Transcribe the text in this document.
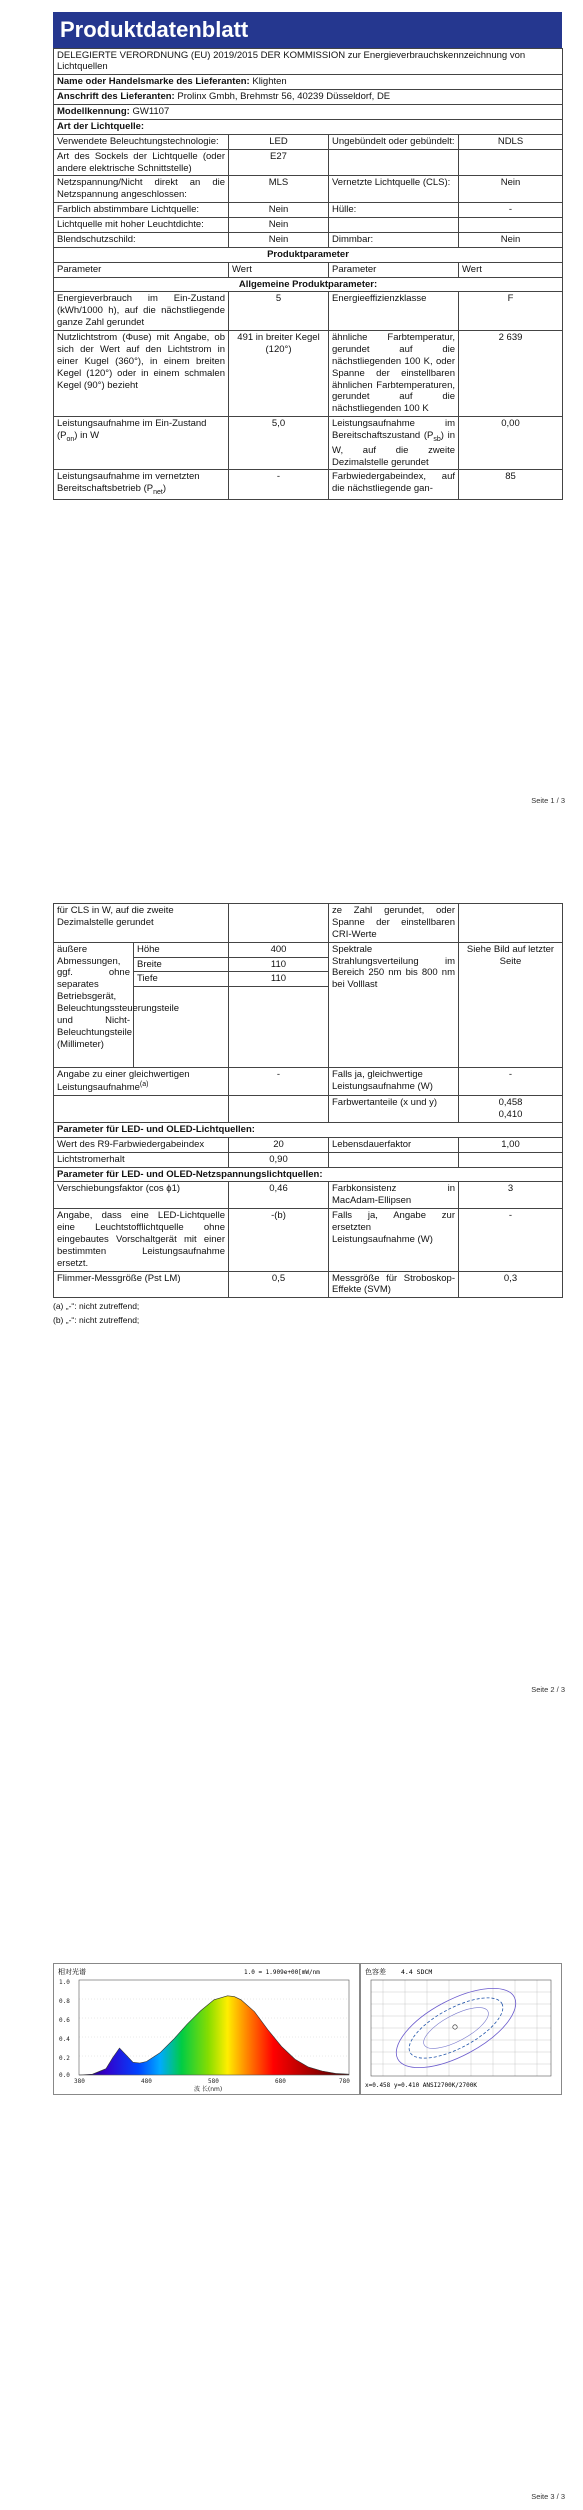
Produktdatenblatt
DELEGIERTE VERORDNUNG (EU) 2019/2015 DER KOMMISSION zur Energieverbrauchskennzeichnung von Lichtquellen			
Name oder Handelsmarke des Lieferanten: Klighten			
Anschrift des Lieferanten: Prolinx Gmbh, Brehmstr 56, 40239 Düsseldorf, DE			
Modellkennung: GW1107			
Art der Lichtquelle:			
Verwendete Beleuchtungstechnologie:	LED	Ungebündelt oder gebündelt:	NDLS
Art des Sockels der Lichtquelle (oder andere elektrische Schnittstelle)	E27		
Netzspannung/Nicht direkt an die Netzspannung angeschlossen:	MLS	Vernetzte Lichtquelle (CLS):	Nein
Farblich abstimmbare Lichtquelle:	Nein	Hülle:	-
Lichtquelle mit hoher Leuchtdichte:	Nein		
Blendschutzschild:	Nein	Dimmbar:	Nein
Produktparameter			
Parameter	Wert	Parameter	Wert
Allgemeine Produktparameter:			
Energieverbrauch im Ein-Zustand (kWh/1000 h), auf die nächstliegende ganze Zahl gerundet	5	Energieeffizienzklasse	F
Nutzlichtstrom (Φuse) mit Angabe, ob sich der Wert auf den Lichtstrom in einer Kugel (360°), in einem breiten Kegel (120°) oder in einem schmalen Kegel (90°) bezieht	491 in breiter Kegel (120°)	ähnliche Farbtemperatur, gerundet auf die nächstliegenden 100 K, oder Spanne der einstellbaren ähnlichen Farbtemperaturen, gerundet auf die nächstliegenden 100 K	2 639
Leistungsaufnahme im Ein-Zustand $(P_{on})$ in W	5,0	Leistungsaufnahme im Bereitschaftszustand $(P_{sb})$ in W, auf die zweite Dezimalstelle gerundet	0,00
Leistungsaufnahme im vernetzten Bereitschaftsbetrieb $(P_{net})$	-	Farbwiedergabeindex, auf die nächstliegende gan-	85
Seite 1 / 3
für CLS in W, auf die zweite Dezimalstelle gerundet			ze Zahl gerundet, oder Spanne der einstellbaren CRI-Werte	
äußere Abmessungen, ggf. ohne separates Betriebsgerät, Beleuchtungssteuerungsteile und Nicht-Beleuchtungsteile (Millimeter)	Höhe	400	Spektrale Strahlungsverteilung im Bereich 250 nm bis 800 nm bei Volllast	Siehe Bild auf letzter Seite
	Breite	110		
	Tiefe	110		

Angabe zu einer gleichwertigen Leistungsaufnahme$^{(a)}$		-	Falls ja, gleichwertige Leistungsaufnahme (W)	-
			Farbwertanteile (x und y)	0,458
0,410

Parameter für LED- und OLED-Lichtquellen:				
Wert des R9-Farbwiedergabeindex		20	Lebensdauerfaktor	1,00
Lichtstromerhalt		0,90		
Parameter für LED- und OLED-Netzspannungslichtquellen:				
Verschiebungsfaktor (cos ϕ1)		0,46	Farbkonsistenz in MacAdam-Ellipsen	3
Angabe, dass eine LED-Lichtquelle eine Leuchtstofflichtquelle ohne eingebautes Vorschaltgerät mit einer bestimmten Leistungsaufnahme ersetzt.		-(b)	Falls ja, Angabe zur ersetzten Leistungsaufnahme (W)	-
Flimmer-Messgröße (Pst LM)		0,5	Messgröße für Stroboskop-Effekte (SVM)	0,3
(a) „-“: nicht zutreffend;
(b) „-“: nicht zutreffend;
Seite 2 / 3
相对光谱	1.0 = 1.909e+00[mW/nm
1.0
0.8
0.6
0.4
0.2
0.0
380	480	580	680	780
波 长(nm)
色容差 4.4 SDCM
x=0.458 y=0.410 ANSI2700K/2700K
Seite 3 / 3
